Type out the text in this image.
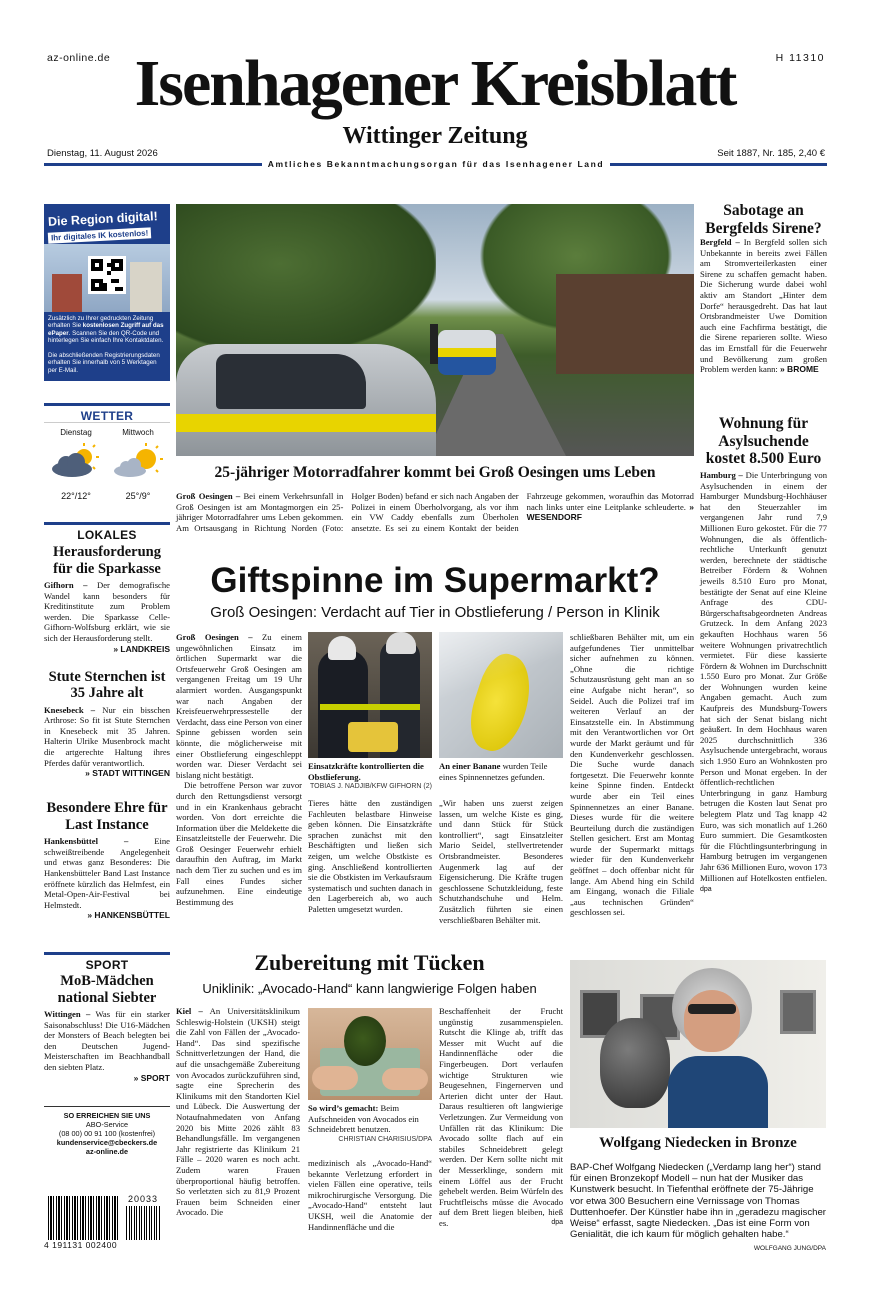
az-online.de	H 11310
Isenhagener Kreisblatt
Wittinger Zeitung
Dienstag, 11. August 2026	Seit 1887, Nr. 185, 2,40 €
Amtliches Bekanntmachungsorgan für das Isenhagener Land
Die Region digital!
Ihr digitales IK kostenlos!
Zusätzlich zu Ihrer gedruckten Zeitung erhalten Sie kostenlosen Zugriff auf das ePaper. Scannen Sie den QR-Code und hinterlegen Sie einfach Ihre Kontaktdaten.
Die abschließenden Registrierungsdaten erhalten Sie innerhalb von 5 Werktagen per E-Mail.
WETTER
Dienstag	Mittwoch
22°/12°	25°/9°
LOKALES
Herausforderung für die Sparkasse
Gifhorn – Der demografische Wandel kann besonders für Kreditinstitute zum Problem werden. Die Sparkasse Celle-Gifhorn-Wolfsburg erklärt, wie sie sich der Herausforderung stellt.
» LANDKREIS
Stute Sternchen ist 35 Jahre alt
Knesebeck – Nur ein bisschen Arthrose: So fit ist Stute Sternchen in Knesebeck mit 35 Jahren. Halterin Ulrike Musenbrock macht die artgerechte Haltung ihres Pferdes dafür verantwortlich.
» STADT WITTINGEN
Besondere Ehre für Last Instance
Hankensbüttel –	Eine schweißtreibende Angelegenheit und etwas ganz Besonderes: Die Hankensbütteler Band Last Instance eröffnete kürzlich das Helmfest, ein Metal-Open-Air-Festival bei Helmstedt.
» HANKENSBÜTTEL
SPORT
MoB-Mädchen national Siebter
Wittingen – Was für ein starker Saisonabschluss! Die U16-Mädchen der Monsters of Beach belegten bei den Deutschen Jugend-Meisterschaften im Beachhandball den siebten Platz.
» SPORT
SO ERREICHEN SIE UNS
ABO-Service
(08 00) 00 91 100 (kostenfrei)
kundenservice@cbeckers.de
az-online.de
20033
4 191131 002400
25-jähriger Motorradfahrer kommt bei Groß Oesingen ums Leben
Groß Oesingen – Bei einem Verkehrsunfall in Groß Oesingen ist am Montagmorgen ein 25-jähriger Motorradfahrer ums Leben gekommen. Am Ortsausgang in Richtung Norden (Foto: Holger Boden) befand er sich nach Angaben der Polizei in einem Überholvorgang, als vor ihm ein VW Caddy ebenfalls zum Überholen ansetzte. Es sei zu einem Kontakt der beiden Fahrzeuge gekommen, woraufhin das Motorrad nach links unter eine Leitplanke schleuderte. » WESENDORF
Giftspinne im Supermarkt?
Groß Oesingen: Verdacht auf Tier in Obstlieferung / Person in Klinik
Groß Oesingen – Zu einem ungewöhnlichen Einsatz im örtlichen Supermarkt war die Ortsfeuerwehr Groß Oesingen am vergangenen Freitag um 19 Uhr alarmiert worden. Ausgangspunkt war nach Angaben der Kreisfeuerwehrpressestelle der Verdacht, dass eine Person von einer Spinne gebissen worden sein könnte, die möglicherweise mit einer Obstlieferung eingeschleppt worden war. Dieser Verdacht sei bislang nicht bestätigt.
Die betroffene Person war zuvor durch den Rettungsdienst versorgt und in ein Krankenhaus gebracht worden. Von dort erreichte die Information über die Meldekette die Einsatzleitstelle der Feuerwehr. Die Groß Oesinger Feuerwehr erhielt daraufhin den Auftrag, im Markt nach dem Tier zu suchen und es im Fall eines Fundes sicher aufzunehmen. Eine eindeutige Bestimmung des
Einsatzkräfte kontrollierten die Obstlieferung.
TOBIAS J. NADJIB/KFW GIFHORN (2)
An einer Banane wurden Teile eines Spinnennetzes gefunden.
Tieres hätte den zuständigen Fachleuten belastbare Hinweise geben können. Die Einsatzkräfte sprachen zunächst mit den Beschäftigten und ließen sich zeigen, um welche Obstkiste es ging. Anschließend kontrollierten sie die Obstkisten im Verkaufsraum systematisch und suchten danach in den Lagerbereich ab, wo auch Paletten umgesetzt wurden.
„Wir haben uns zuerst zeigen lassen, um welche Kiste es ging, und dann Stück für Stück kontrolliert“, sagt Einsatzleiter Mario Seidel, stellvertretender Ortsbrandmeister. Besonderes Augenmerk lag auf der Eigensicherung. Die Kräfte trugen geschlossene Schutzkleidung, feste Schutzhandschuhe und Helm. Zusätzlich führten sie einen verschließbaren Behälter mit.
schließbaren Behälter mit, um ein aufgefundenes Tier unmittelbar sicher aufnehmen zu können. „Ohne die richtige Schutzausrüstung geht man an so eine Aufgabe nicht heran“, so Seidel. Auch die Polizei traf im weiteren Verlauf an der Einsatzstelle ein. In Abstimmung mit den Verantwortlichen vor Ort wurde der Markt geräumt und für den Kundenverkehr geschlossen. Die Suche wurde danach fortgesetzt. Die Feuerwehr konnte keine Spinne finden. Entdeckt wurde aber ein Teil eines Spinnennetzes an einer Banane. Dieses wurde für die weitere Beurteilung durch die zuständigen Stellen gesichert. Erst am Montag wurde der Supermarkt mittags wieder für den Kundenverkehr geöffnet – doch offenbar nicht für lange. Am Abend hing ein Schild am Eingang, wonach die Filiale „aus technischen Gründen“ geschlossen sei.
Sabotage an Bergfelds Sirene?
Bergfeld – In Bergfeld sollen sich Unbekannte in bereits zwei Fällen am Stromverteilerkasten einer Sirene zu schaffen gemacht haben. Die Sicherung wurde dabei wohl aktiv am Standort „Hinter dem Dorfe“ herausgedreht. Das hat laut Ortsbrandmeister Uwe Domition auch eine Fachfirma bestätigt, die die Sirene reparieren sollte. Wieso das im Ernstfall für die Feuerwehr und Bevölkerung zum großen Problem werden kann: » BROME
Wohnung für Asylsuchende kostet 8.500 Euro
Hamburg – Die Unterbringung von Asylsuchenden in einem der Hamburger Mundsburg-Hochhäuser hat den Steuerzahler im vergangenen Jahr rund 7,9 Millionen Euro gekostet. Für die 77 Wohnungen, die als öffentlich-rechtliche Unterkunft genutzt werden, berechnete der städtische Betreiber Fördern & Wohnen jeweils 8.510 Euro pro Monat, bestätigte der Senat auf eine Kleine Anfrage des CDU-Bürgerschaftsabgeordneten Andreas Grutzeck. In dem Anfang 2023 gekauften Hochhaus waren 56 weitere Wohnungen privatrechtlich vermietet. Für diese kassierte Fördern & Wohnen im Durchschnitt 1.550 Euro pro Monat. Zur Größe der Wohnungen wurden keine Angaben gemacht. Auch zum Kaufpreis des Mundsburg-Towers hat sich der Senat bislang nicht geäußert. In dem Hochhaus waren 2025 durchschnittlich 336 Asylsuchende untergebracht, woraus sich 1.950 Euro an Wohnkosten pro Person und Monat ergeben. In der öffentlich-rechtlichen Unterbringung in ganz Hamburg betrugen die Kosten laut Senat pro belegtem Platz und Tag knapp 42 Euro, was sich monatlich auf 1.260 Euro summiert. Die Gesamtkosten für die Flüchtlingsunterbringung in Hamburg betrugen im vergangenen Jahr 636 Millionen Euro, wovon 173 Millionen auf Hotelkosten entfielen. dpa
Zubereitung mit Tücken
Uniklinik: „Avocado-Hand“ kann langwierige Folgen haben
Kiel – An Universitätsklinikum Schleswig-Holstein (UKSH) steigt die Zahl von Fällen der „Avocado-Hand“. Das sind spezifische Schnittverletzungen der Hand, die auf die unsachgemäße Zubereitung von Avocados zurückzuführen sind, sagte eine Sprecherin des Klinikums mit den Standorten Kiel und Lübeck. Die Auswertung der Notaufnahmedaten von Anfang 2020 bis Mitte 2026 zählt 83 Behandlungsfälle. Im vergangenen Jahr registrierte das Klinikum 21 Fälle – 2020 waren es noch acht. Zudem waren Frauen überproportional häufig betroffen. So verletzten sich zu 81,9 Prozent Frauen beim Schneiden einer Avocado. Die
So wird’s gemacht: Beim Aufschneiden von Avocados ein Schneidebrett benutzen.
CHRISTIAN CHARISIUS/DPA
medizinisch als „Avocado-Hand“ bekannte Verletzung erfordert in vielen Fällen eine operative, teils mikrochirurgische Versorgung. Die „Avocado-Hand“ entsteht laut UKSH, weil die Anatomie der Handinnenfläche und die
Beschaffenheit der Frucht ungünstig zusammenspielen. Rutscht die Klinge ab, trifft das Messer mit Wucht auf die Handinnenfläche oder die Fingerbeugen. Dort verlaufen wichtige Strukturen wie Beugesehnen, Fingernerven und Arterien dicht unter der Haut. Daraus resultieren oft langwierige Verletzungen. Zur Vermeidung von Unfällen rät das Klinikum: Die Avocado sollte flach auf ein stabiles Schneidebrett gelegt werden. Der Kern sollte nicht mit der Messerklinge, sondern mit einem Löffel aus der Frucht gehebelt werden. Beim Würfeln des Fruchtfleischs müsse die Avocado auf dem Brett liegen bleiben, hieß es.	dpa
Wolfgang Niedecken in Bronze
BAP-Chef Wolfgang Niedecken („Verdamp lang her“) stand für einen Bronzekopf Modell – nun hat der Musiker das Kunstwerk besucht. In Tiefenthal eröffnete der 75-Jährige vor etwa 300 Besuchern eine Vernissage von Thomas Duttenhoefer. Der Künstler habe ihn in „geradezu magischer Weise“ erfasst, sagte Niedecken. „Das ist eine Form von Genialität, die ich kaum für möglich gehalten habe.“
WOLFGANG JUNG/DPA
